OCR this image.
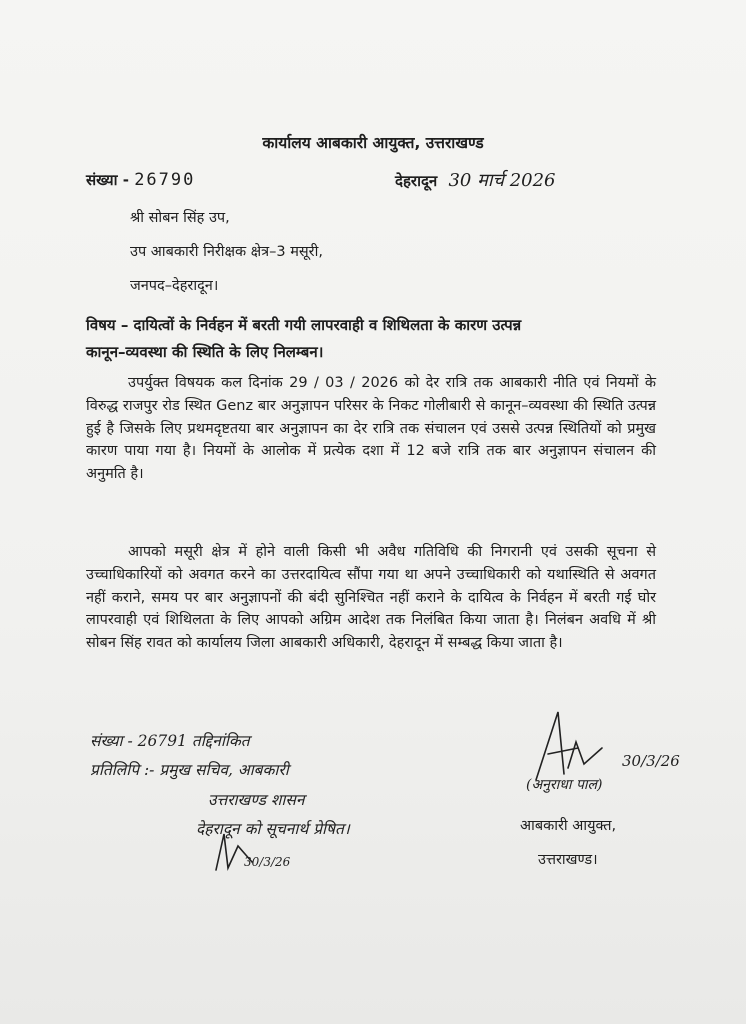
कार्यालय आबकारी आयुक्त, उत्तराखण्ड
संख्या - 26790	देहरादून 30 मार्च 2026
श्री सोबन सिंह उप,
उप आबकारी निरीक्षक क्षेत्र–3 मसूरी,
जनपद–देहरादून।
विषय – दायित्वों के निर्वहन में बरती गयी लापरवाही व शिथिलता के कारण उत्पन्न
कानून–व्यवस्था की स्थिति के लिए निलम्बन।
उपर्युक्त विषयक कल दिनांक 29 / 03 / 2026 को देर रात्रि तक आबकारी नीति एवं नियमों के विरुद्ध राजपुर रोड स्थित Genz बार अनुज्ञापन परिसर के निकट गोलीबारी से कानून–व्यवस्था की स्थिति उत्पन्न हुई है जिसके लिए प्रथमदृष्टतया बार अनुज्ञापन का देर रात्रि तक संचालन एवं उससे उत्पन्न स्थितियों को प्रमुख कारण पाया गया है। नियमों के आलोक में प्रत्येक दशा में 12 बजे रात्रि तक बार अनुज्ञापन संचालन की अनुमति है।
आपको मसूरी क्षेत्र में होने वाली किसी भी अवैध गतिविधि की निगरानी एवं उसकी सूचना से उच्चाधिकारियों को अवगत करने का उत्तरदायित्व सौंपा गया था अपने उच्चाधिकारी को यथास्थिति से अवगत नहीं कराने, समय पर बार अनुज्ञापनों की बंदी सुनिश्चित नहीं कराने के दायित्व के निर्वहन में बरती गई घोर लापरवाही एवं शिथिलता के लिए आपको अग्रिम आदेश तक निलंबित किया जाता है। निलंबन अवधि में श्री सोबन सिंह रावत को कार्यालय जिला आबकारी अधिकारी, देहरादून में सम्बद्ध किया जाता है।
संख्या - 26791 तद्दिनांकित
प्रतिलिपि :- प्रमुख सचिव, आबकारी
उत्तराखण्ड शासन
देहरादून को सूचनार्थ प्रेषित।
30/3/26
30/3/26
(अनुराधा पाल)
आबकारी आयुक्त,
उत्तराखण्ड।
